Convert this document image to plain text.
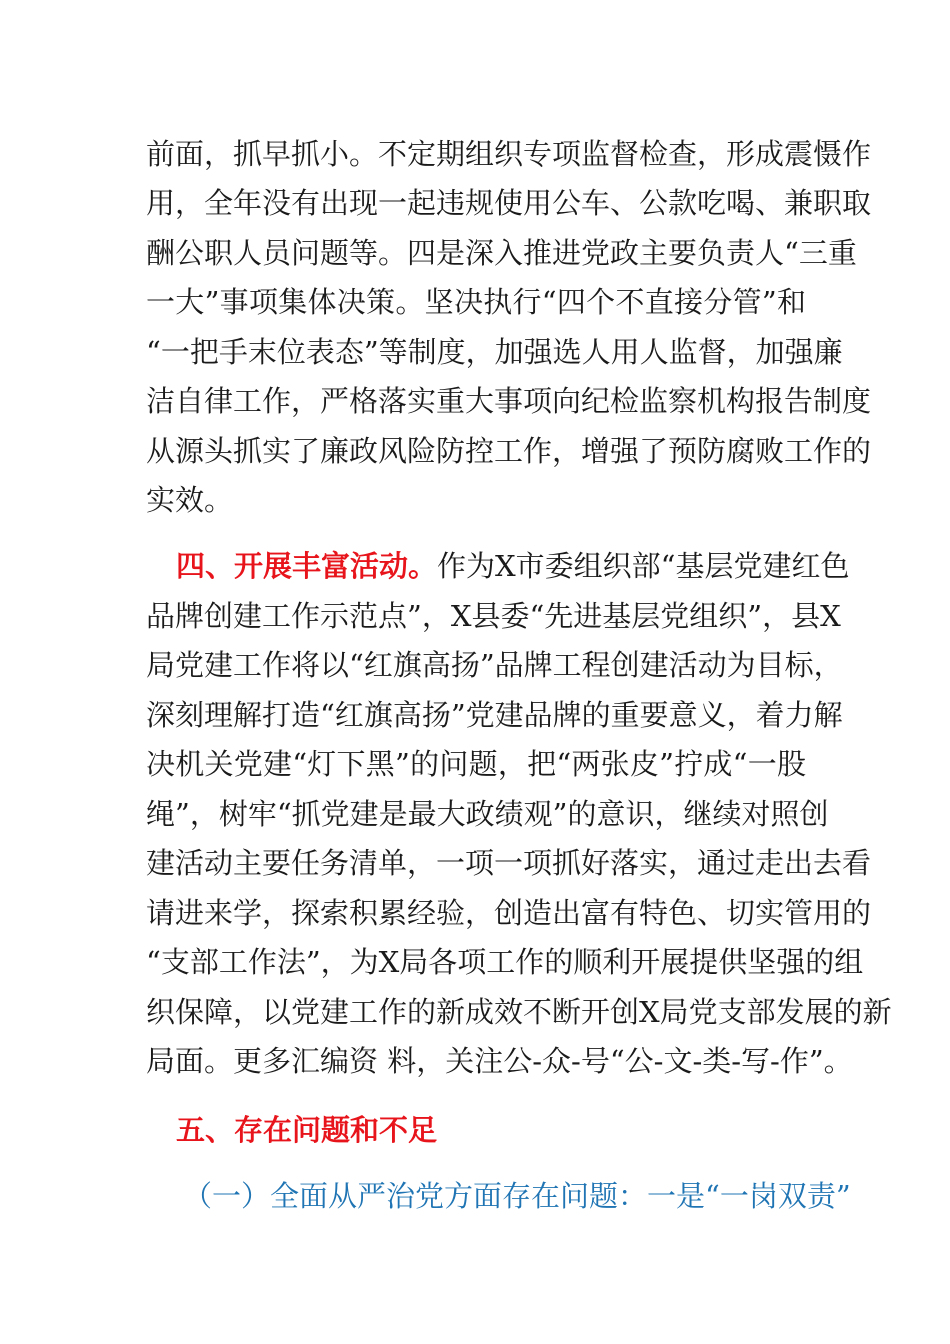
前面，抓早抓小。不定期组织专项监督检查，形成震慑作
用，全年没有出现一起违规使用公车、公款吃喝、兼职取
酬公职人员问题等。四是深入推进党政主要负责人“三重
一大”事项集体决策。坚决执行“四个不直接分管”和
“一把手末位表态”等制度，加强选人用人监督，加强廉
洁自律工作，严格落实重大事项向纪检监察机构报告制度
从源头抓实了廉政风险防控工作，增强了预防腐败工作的
实效。
四、开展丰富活动。作为X市委组织部“基层党建红色
品牌创建工作示范点”，X县委“先进基层党组织”，县X
局党建工作将以“红旗高扬”品牌工程创建活动为目标，
深刻理解打造“红旗高扬”党建品牌的重要意义，着力解
决机关党建“灯下黑”的问题，把“两张皮”拧成“一股
绳”，树牢“抓党建是最大政绩观”的意识，继续对照创
建活动主要任务清单，一项一项抓好落实，通过走出去看
请进来学，探索积累经验，创造出富有特色、切实管用的
“支部工作法”，为X局各项工作的顺利开展提供坚强的组
织保障，以党建工作的新成效不断开创X局党支部发展的新
局面。更多汇编资 料，关注公-众-号“公-文-类-写-作”。
五、存在问题和不足
（一）全面从严治党方面存在问题：一是“一岗双责”
